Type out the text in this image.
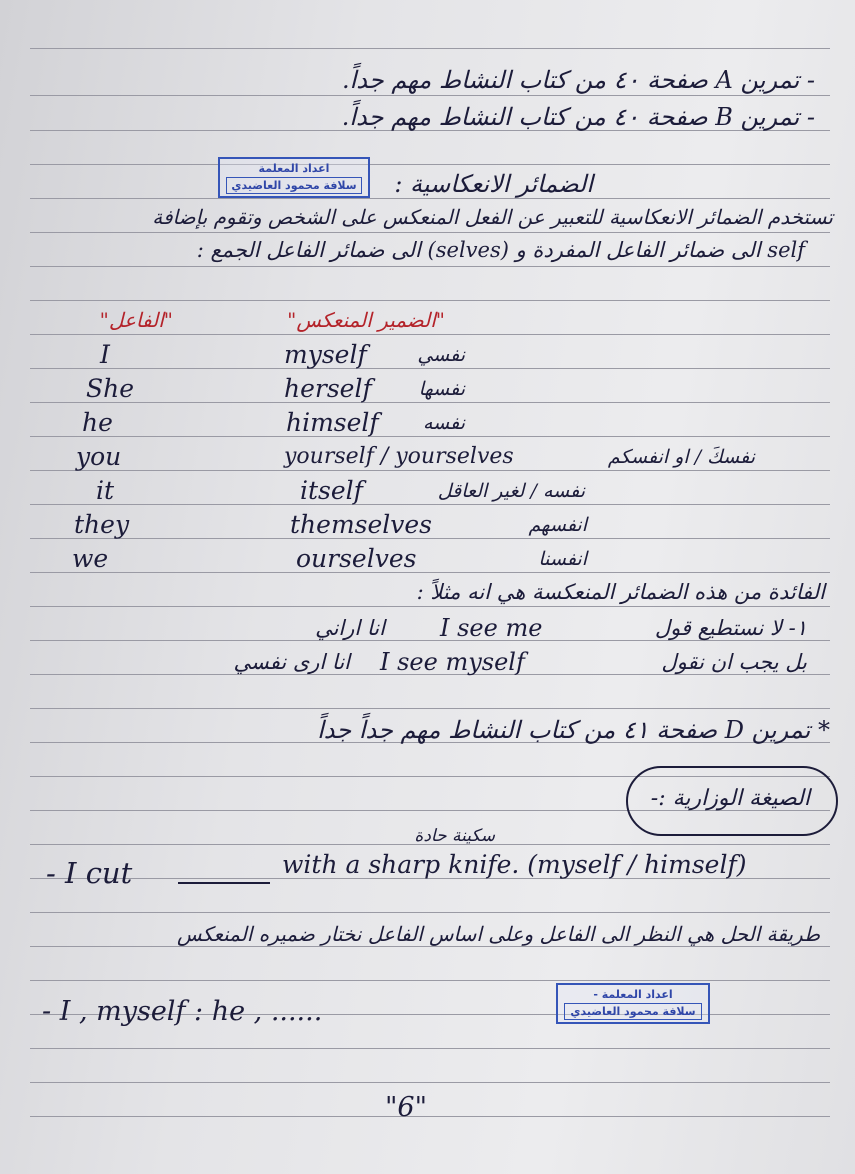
- تمرين A صفحة ٤٠ من كتاب النشاط مهم جداً.
- تمرين B صفحة ٤٠ من كتاب النشاط مهم جداً.
اعداد المعلمة
سلافة محمود العاضيدي الضمائر الانعكاسية :
تستخدم الضمائر الانعكاسية للتعبير عن الفعل المنعكس على الشخص وتقوم بإضافة
self الى ضمائر الفاعل المفردة و (selves) الى ضمائر الفاعل الجمع :
"الفاعل"	"الضمير المنعكس"
I	myself	نفسي
She	herself نفسها
he	himself نفسه
you	yourself / yourselves	نفسكَ / او انفسكم
it	itself	نفسه / لغير العاقل
they	themselves	انفسهم
we	ourselves	انفسنا
الفائدة من هذه الضمائر المنعكسة هي انه مثلاً :
١- لا نستطيع قول
I see me
انا اراني
بل يجب ان نقول
I see myself
انا ارى نفسي
* تمرين D صفحة ٤١ من كتاب النشاط مهم جداً جداً
الصيغة الوزارية :-
سكينة حادة
- I cut	with a sharp knife. (myself / himself)
طريقة الحل هي النظر الى الفاعل وعلى اساس الفاعل نختار ضميره المنعكس
- I , myself : he , ......
- اعداد المعلمة
سلافة محمود العاضيدي
"6"
